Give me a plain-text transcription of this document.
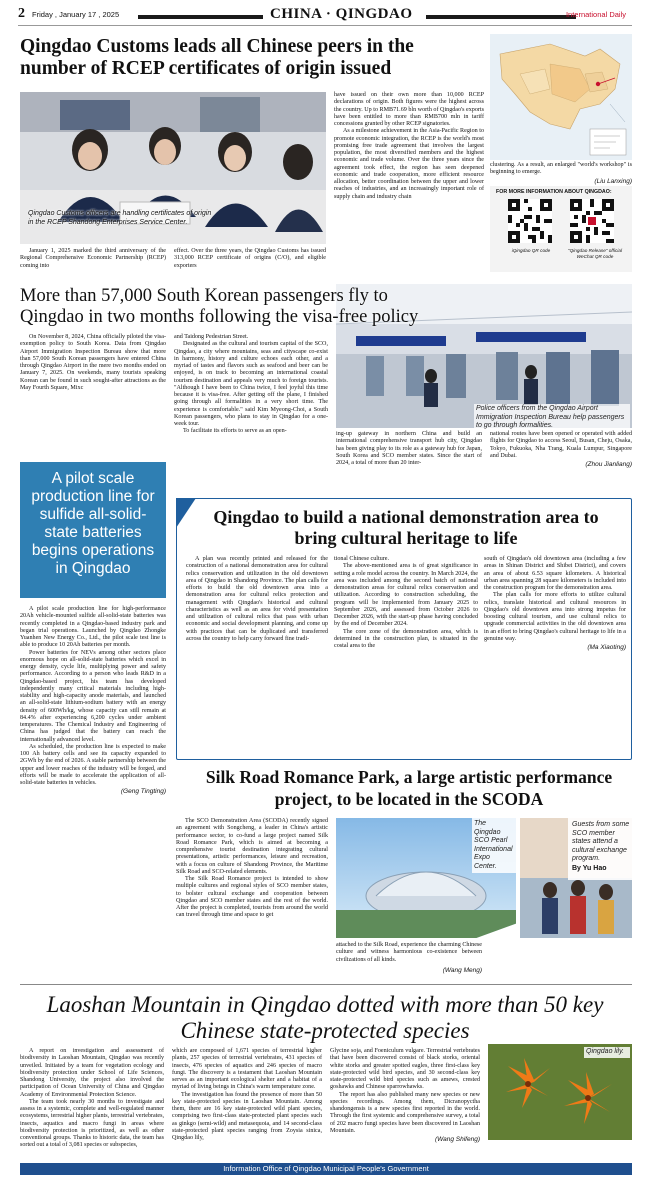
2 Friday , January 17 , 2025	CHINA · QINGDAO	International Daily
Qingdao Customs leads all Chinese peers in the number of RCEP certificates of origin issued
Qingdao Customs officers are handling certificates of origin in the RCEP Shandong Enterprises Service Center.

January 1, 2025 marked the third anniversary of the Regional Comprehensive Economic Partnership (RCEP) coming into

effect. Over the three years, the Qingdao Customs has issued 313,000 RCEP certificate of origins (C/O), and eligible exporters

have issued on their own more than 10,000 RCEP declarations of origin. Both figures were the highest across the country. Up to RMB71.69 bln worth of Qingdao's exports have been entitled to more than RMB700 mln in tariff concessions granted by other RCEP signatories.

As a milestone achievement in the Asia-Pacific Region to promote economic integration, the RCEP is the world's most promising free trade agreement that involves the largest population, the most diversified members and the highest economic and trade volume. Over the three years since the agreement took effect, the region has seen deepened economic and trade cooperation, more efficient resource allocation, better coordination between the upper and lower reaches of industries, and an increasingly important role of supply chain and industry chain

clustering. As a result, an enlarged "world's workshop" is beginning to emerge.

(Liu Lanxing)
FOR MORE INFORMATION ABOUT QINGDAO:
iQingdao QR code	"Qingdao Release" official WeChat QR code
Police officers from the Qingdao Airport Immigration Inspection Bureau help passengers to go through formalities.
More than 57,000 South Korean passengers fly to Qingdao in two months following the visa-free policy

On November 8, 2024, China officially piloted the visa-exemption policy to South Korea. Data from Qingdao Airport Immigration Inspection Bureau show that more than 57,000 South Korean passengers have entered China through Qingdao Airport in the mere two months ended on January 7, 2025. On weekends, many tourists speaking Korean can be found in such sought-after attractions as the May Fourth Square, Mixc

and Taidong Pedestrian Street.

Designated as the cultural and tourism capital of the SCO, Qingdao, a city where mountains, seas and cityscape co-exist in harmony, history and culture echoes each other, and a myriad of tastes and flavors such as seafood and beer can be enjoyed, is on track to becoming an international coastal tourism destination and appeals very much to foreign tourists. "Although I have been to China twice, I feel joyful this time because it is visa-free. After getting off the plane, I finished going through all formalities in a very short time. The experience is comfortable." said Kim Myeong-Choi, a South Korean passengers, who plans to stay in Qingdao for a one-week tour.

To facilitate its efforts to serve as an open-	ing-up gateway in northern China and build an international comprehensive transport hub city, Qingdao has been giving play to its role as a gateway hub for Japan, South Korea and SCO member states. Since the start of 2024, a total of more than 20 inter-

national routes have been opened or operated with added flights for Qingdao to access Seoul, Busan, Cheju, Osaka, Tokyo, Fukuoka, Nha Trang, Kuala Lumpur, Singapore and Dubai.

(Zhou Jianliang)
A pilot scale production line for sulfide all-solid-state batteries begins operations in Qingdao

A pilot scale production line for high-performance 20Ah vehicle-mounted sulfide all-solid-state batteries was recently completed in a Qingdao-based industry park and began trial operations. Launched by Qingdao Zhongke Yuanhen New Energy Co., Ltd., the pilot scale test line is able to produce 10 20Ah batteries per month.

Power batteries for NEVs among other sectors place enormous hope on all-solid-state batteries which excel in energy density, cycle life, multiplying power and safety performance. According to a person who leads R&D in a Qingdao-based project, his team has developed independently many critical materials including high-stability and high-capacity anode materials, and launched an all-solid-state lithium-sodium battery with an energy density of 600Wh/kg, whose capacity can still remain at 84.4% after experiencing 6,200 cycles under ambient temperatures. The Chemical Industry and Engineering of China has judged that the battery can reach the internationally advanced level.

As scheduled, the production line is expected to make 100 Ah battery cells and see its capacity expanded to 2GWh by the end of 2026. A stable partnership between the upper and lower reaches of the industry will be forged, and efforts will be made to accelerate the application of all-solid-state batteries in vehicles.

(Geng Tingting)
Qingdao to build a national demonstration area to bring cultural heritage to life

A plan was recently printed and released for the construction of a national demonstration area for cultural relics conservation and utilization in the old downtown area of Qingdao in Shandong Province. The plan calls for efforts to build the old downtown area into a demonstration area for cultural relics protection and management with Qingdao's historical and cultural characteristics as well as an area for vivid presentation and utilization of cultural relics that pass with urban economic and social development planning, and come up with practices that can be duplicated and transferred across the country to help carry forward fine tradi-

tional Chinese culture.

The above-mentioned area is of great significance in setting a role model across the country. In March 2024, the area was included among the second batch of national demonstration areas for cultural relics conservation and utilization. According to construction scheduling, the program will be implemented from January 2025 to September 2026, and assessed from October 2026 to December 2026, with the start-up phase having concluded by the end of December 2024.

The core zone of the demonstration area, which is determined in the construction plan, is situated in the costal area to the

south of Qingdao's old downtown area (including a few areas in Shinan District and Shibei District), and covers an area of about 6.53 square kilometers. A historical urban area spanning 28 square kilometers is included into the construction program for the demonstration area.

The plan calls for more efforts to utilize cultural relics, translate historical and cultural resources in Qingdao's old downtown area into strong impetus for boosting cultural tourism, and use cultural relics to upgrade commercial activities in the old downtown area in an effort to bring Qingdao's cultural heritage to life in a genuine way.

(Ma Xiaoting)
Silk Road Romance Park, a large artistic performance project, to be located in the SCODA

The SCO Demonstration Area (SCODA) recently signed an agreement with Songcheng, a leader in China's artistic performance sector, to co-fund a large project named Silk Road Romance Park, which is aimed at becoming a comprehensive tourist destination integrating cultural presentations, artistic performances, leisure and recreation, with a focus on culture of Shandong Province, the Maritime Silk Road and SCO-related elements.

The Silk Road Romance project is intended to show multiple cultures and regional styles of SCO member states, to bolster cultural exchange and cooperation between Qingdao and SCO member states and the rest of the world. After the project is completed, tourists from around the world can travel through time and space to get

The Qingdao SCO Pearl International Expo Center.
Guests from some SCO member states attend a cultural exchange program.
By Yu Hao

attached to the Silk Road, experience the charming Chinese culture and witness harmonious co-existence between civilizations of all kinds.

(Wang Meng)
Laoshan Mountain in Qingdao dotted with more than 50 key Chinese state-protected species

A report on investigation and assessment of biodiversity in Laoshan Mountain, Qingdao was recently unveiled. Initiated by a team for vegetation ecology and biodiversity protection under School of Life Sciences, Shandong University, the project also involved the participation of Ocean University of China and Qingdao Academy of Environmental Protection Science.

The team took nearly 30 months to investigate and assess in a systemic, complete and well-regulated manner ecosystems, terrestrial higher plants, terrestrial vertebrates, insects, aquatics and macro fungi in areas where biodiversity protection is prioritized, as well as other conventional groups. Thanks to historic data, the team has sorted out a total of 3,081 species or subspecies,

which are composed of 1,671 species of terrestrial higher plants, 257 species of terrestrial vertebrates, 431 species of insects, 476 species of aquatics and 246 species of macro fungi. The discovery is a testament that Laoshan Mountain serves as an important ecological shelter and a habitat of a myriad of living beings in China's warm temperature zone.

The investigation has found the presence of more than 50 key state-protected species in Laoshan Mountain. Among them, there are 16 key state-protected wild plant species, comprising two first-class state-protected plant species such as ginkgo (semi-wild) and metasequoia, and 14 second-class state-protected plant species ranging from Zoysia sinica, Qingdao lily,

Glycine soja, and Foeniculum vulgare. Terrestrial vertebrates that have been discovered consist of black storks, oriental white storks and greater spotted eagles, three first-class key state-protected wild bird species, and 30 second-class key state-protected wild bird species such as amews, crested goshawks and Chinese sparrowhawks.

The report has also published many new species or new species recordings. Among them, Dicranopyctha shandongensis is a new species first reported in the world. Through the first systemic and comprehensive survey, a total of 202 macro fungi species have been discovered in Laoshan Mountain.

(Wang Shifeng)
Qingdao lily.
Information Office of Qingdao Municipal People's Government
